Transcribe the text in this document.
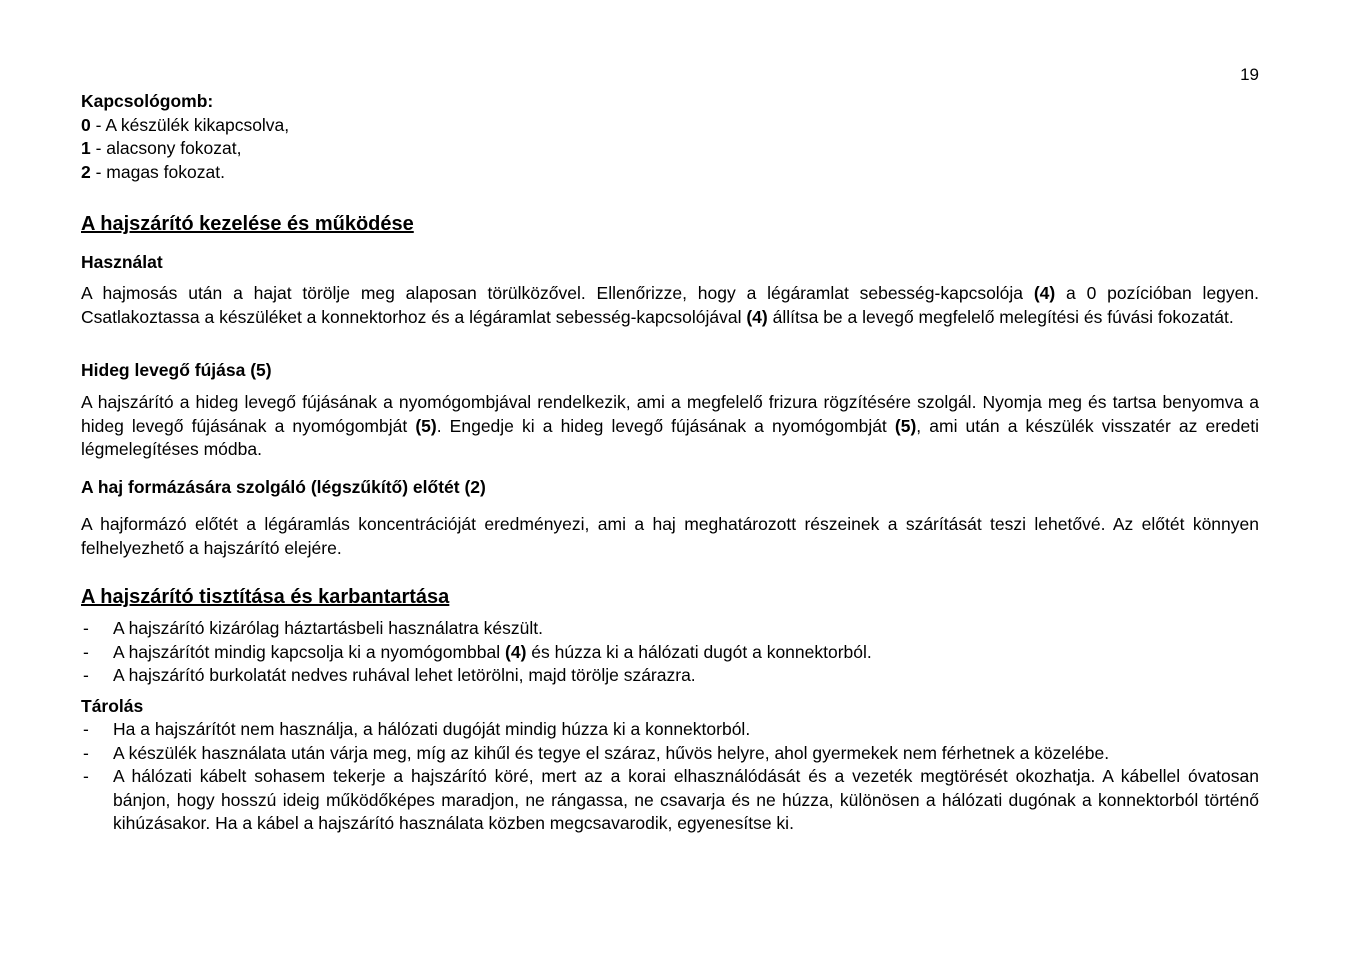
19
Kapcsológomb:
0 - A készülék kikapcsolva,
1 - alacsony fokozat,
2 - magas fokozat.
A hajszárító kezelése és működése
Használat
A hajmosás után a hajat törölje meg alaposan törülközővel. Ellenőrizze, hogy a légáramlat sebesség-kapcsolója (4) a 0 pozícióban legyen. Csatlakoztassa a készüléket a konnektorhoz és a légáramlat sebesség-kapcsolójával (4) állítsa be a levegő megfelelő melegítési és fúvási fokozatát.
Hideg levegő fújása (5)
A hajszárító a hideg levegő fújásának a nyomógombjával rendelkezik, ami a megfelelő frizura rögzítésére szolgál. Nyomja meg és tartsa benyomva a hideg levegő fújásának a nyomógombját (5). Engedje ki a hideg levegő fújásának a nyomógombját (5), ami után a készülék visszatér az eredeti légmelegítéses módba.
A haj formázására szolgáló (légszűkítő) előtét (2)
A hajformázó előtét a légáramlás koncentrációját eredményezi, ami a haj meghatározott részeinek a szárítását teszi lehetővé. Az előtét könnyen felhelyezhető a hajszárító elejére.
A hajszárító tisztítása és karbantartása
- A hajszárító kizárólag háztartásbeli használatra készült.
- A hajszárítót mindig kapcsolja ki a nyomógombbal (4) és húzza ki a hálózati dugót a konnektorból.
- A hajszárító burkolatát nedves ruhával lehet letörölni, majd törölje szárazra.
Tárolás
- Ha a hajszárítót nem használja, a hálózati dugóját mindig húzza ki a konnektorból.
- A készülék használata után várja meg, míg az kihűl és tegye el száraz, hűvös helyre, ahol gyermekek nem férhetnek a közelébe.
- A hálózati kábelt sohasem tekerje a hajszárító köré, mert az a korai elhasználódását és a vezeték megtörését okozhatja. A kábellel óvatosan bánjon, hogy hosszú ideig működőképes maradjon, ne rángassa, ne csavarja és ne húzza, különösen a hálózati dugónak a konnektorból történő kihúzásakor. Ha a kábel a hajszárító használata közben megcsavarodik, egyenesítse ki.
